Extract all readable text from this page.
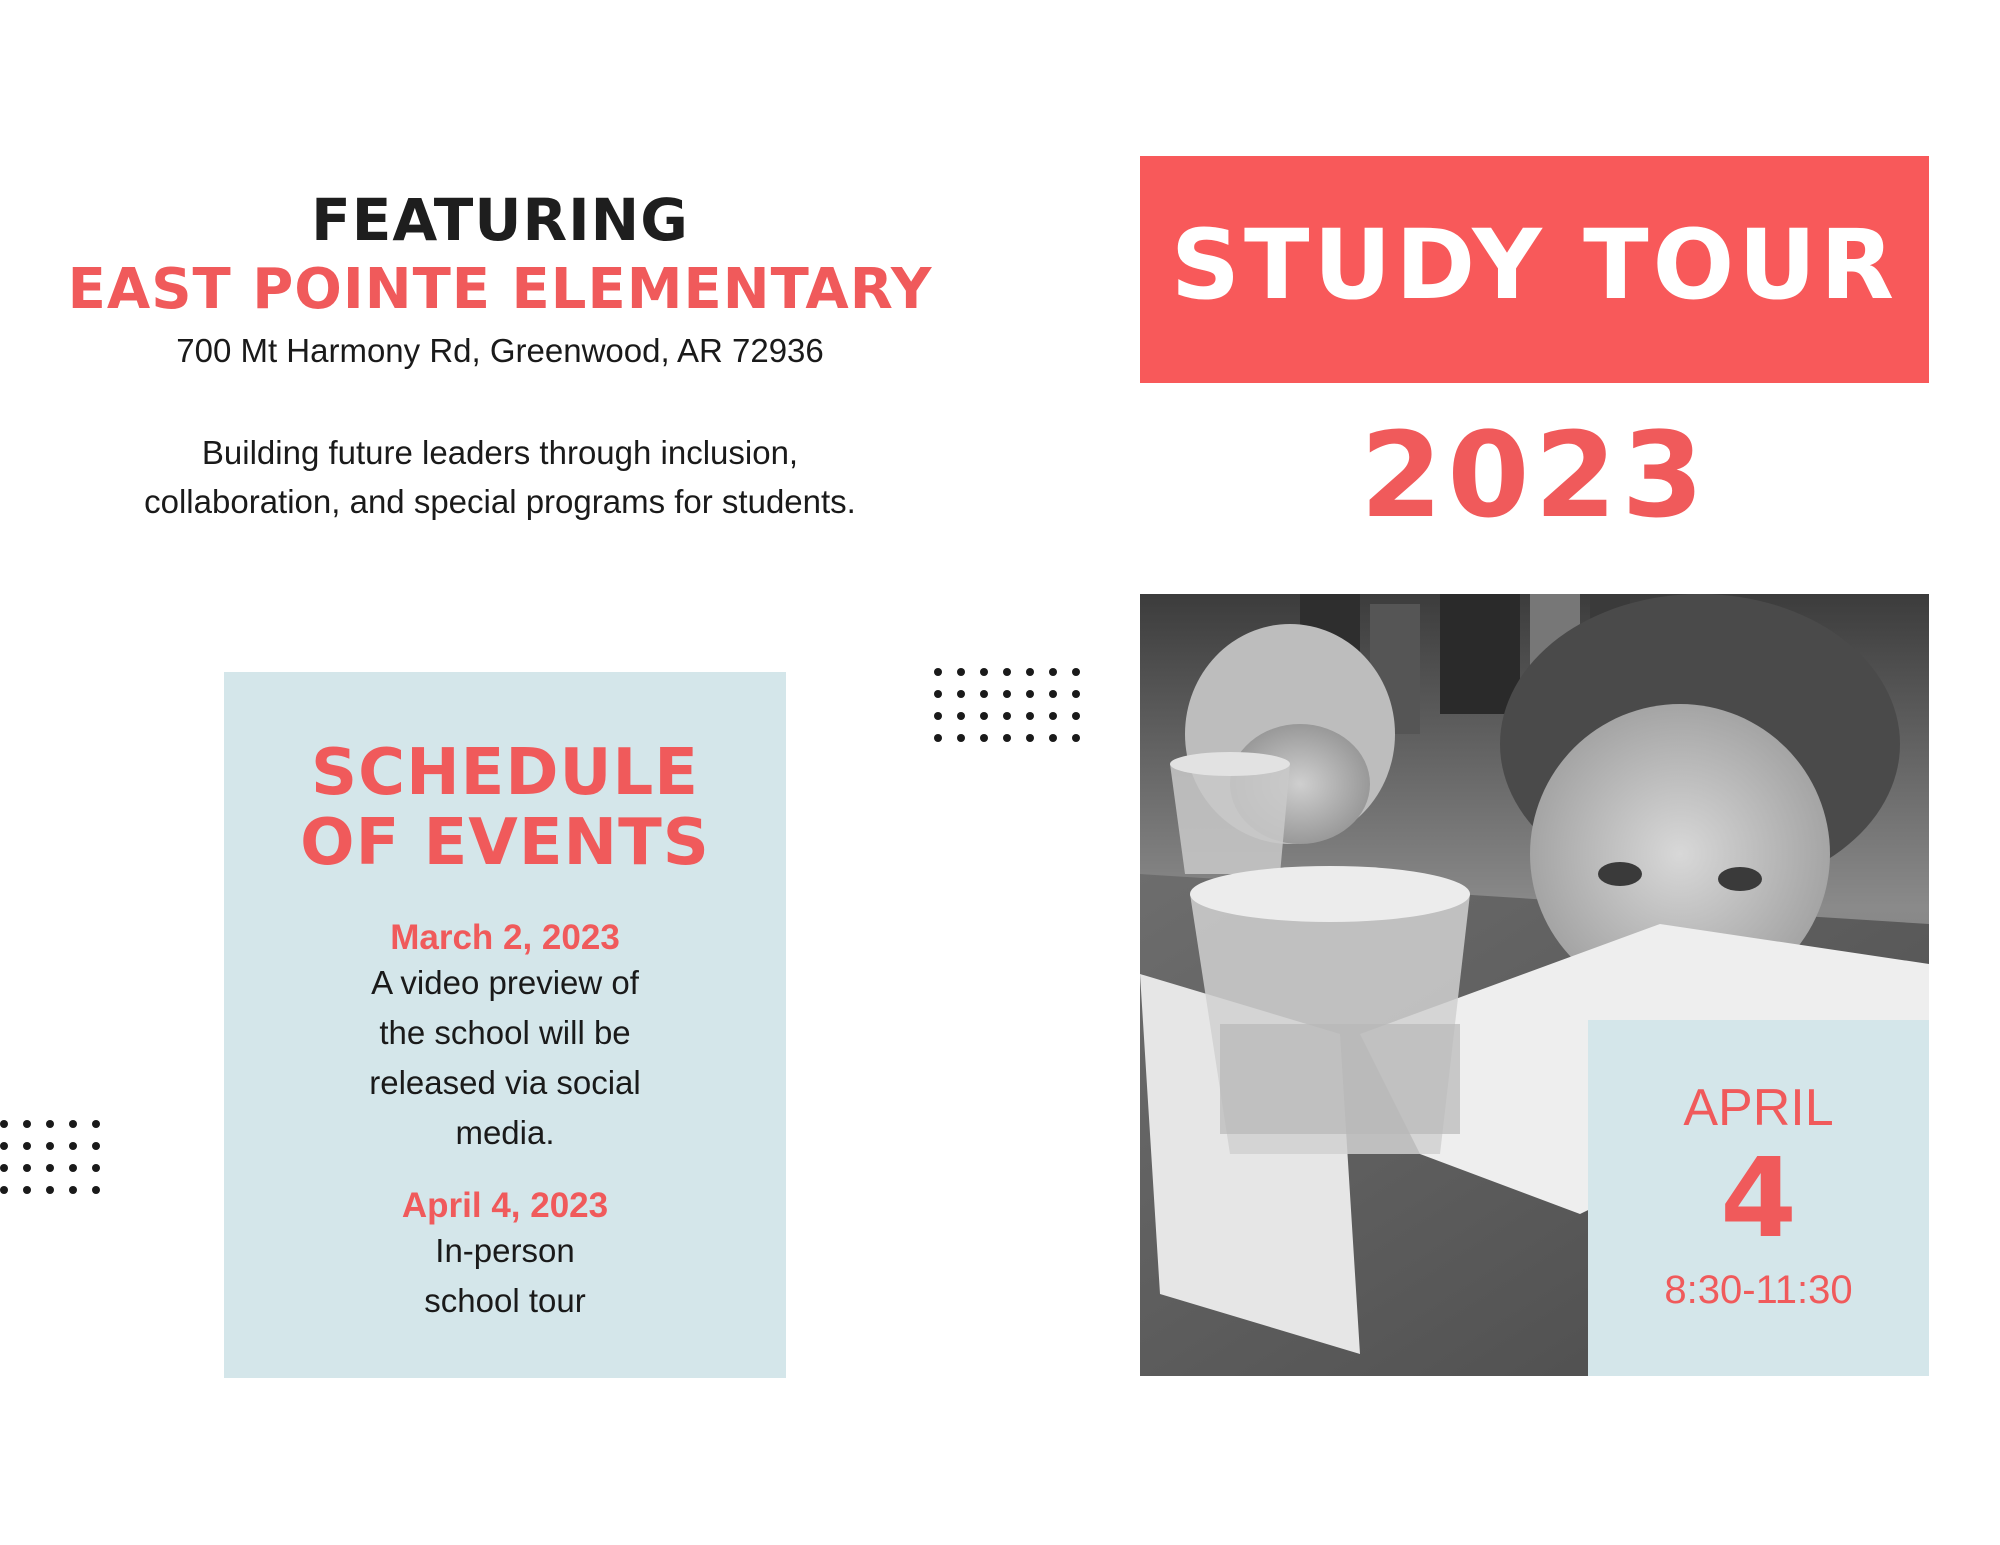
FEATURING
EAST POINTE ELEMENTARY
700 Mt Harmony Rd, Greenwood, AR 72936
Building future leaders through inclusion,
collaboration, and special programs for students.
SCHEDULE
OF EVENTS
March 2, 2023
A video preview of
the school will be
released via social
media.
April 4, 2023
In-person
school tour
STUDY TOUR
2023
APRIL
4
8:30-11:30
